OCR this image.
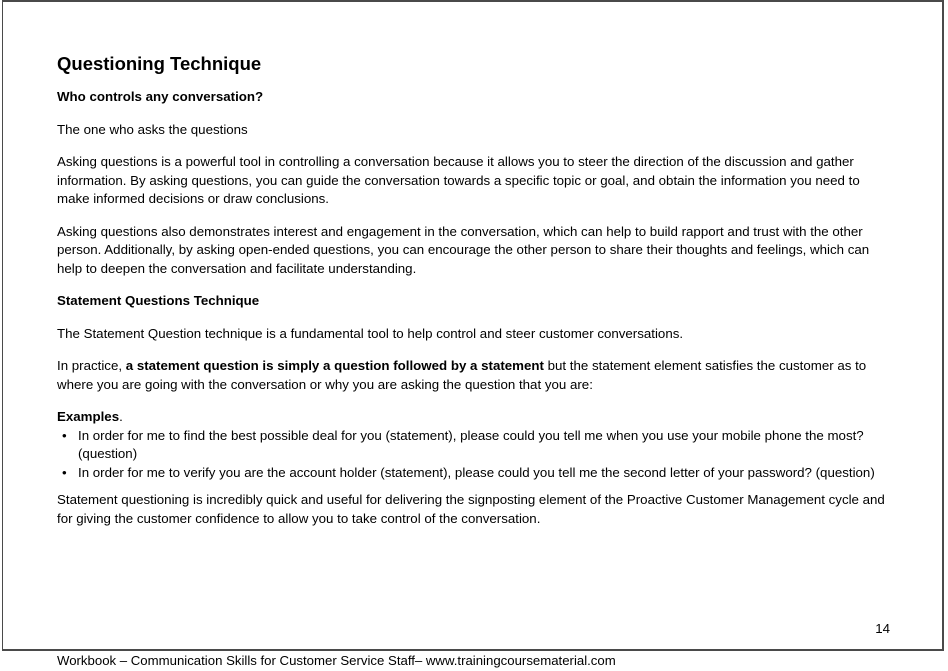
Questioning Technique
Who controls any conversation?

The one who asks the questions

Asking questions is a powerful tool in controlling a conversation because it allows you to steer the direction of the discussion and gather information. By asking questions, you can guide the conversation towards a specific topic or goal, and obtain the information you need to make informed decisions or draw conclusions.

Asking questions also demonstrates interest and engagement in the conversation, which can help to build rapport and trust with the other person. Additionally, by asking open-ended questions, you can encourage the other person to share their thoughts and feelings, which can help to deepen the conversation and facilitate understanding.

Statement Questions Technique

The Statement Question technique is a fundamental tool to help control and steer customer conversations.

In practice, a statement question is simply a question followed by a statement but the statement element satisfies the customer as to where you are going with the conversation or why you are asking the question that you are:

Examples.

• In order for me to find the best possible deal for you (statement), please could you tell me when you use your mobile phone the most? (question)
• In order for me to verify you are the account holder (statement), please could you tell me the second letter of your password? (question)

Statement questioning is incredibly quick and useful for delivering the signposting element of the Proactive Customer Management cycle and for giving the customer confidence to allow you to take control of the conversation.

14
Workbook – Communication Skills for Customer Service Staff– www.trainingcoursematerial.com
